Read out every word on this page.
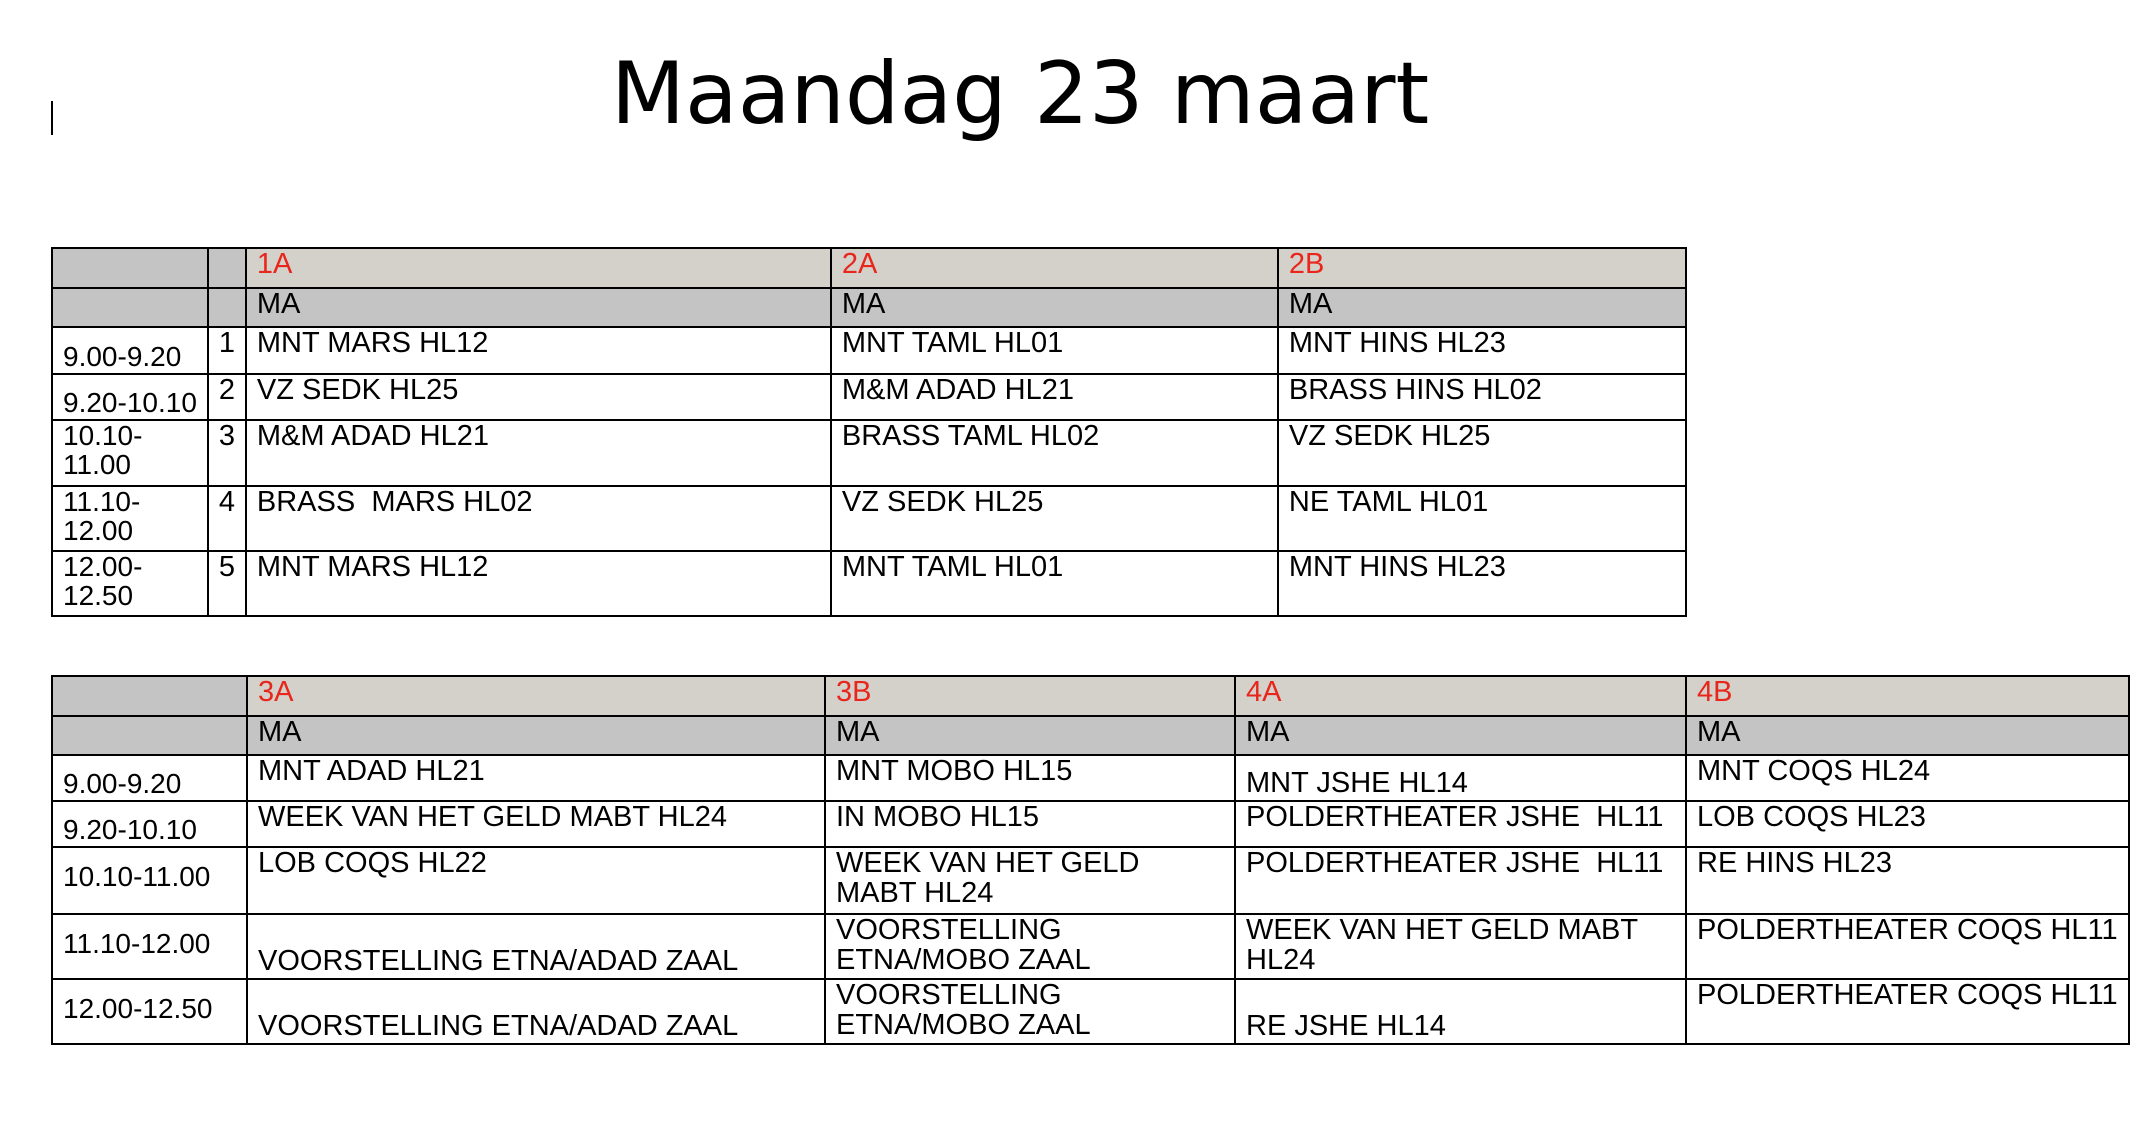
Maandag 23 maart
		1A	2A	2B
		MA	MA	MA
9.00-9.20	1	MNT MARS HL12	MNT TAML HL01	MNT HINS HL23
9.20-10.10	2	VZ SEDK HL25	M&M ADAD HL21	BRASS HINS HL02
10.10-11.00	3	M&M ADAD HL21	BRASS TAML HL02	VZ SEDK HL25
11.10-12.00	4	BRASS  MARS HL02	VZ SEDK HL25	NE TAML HL01
12.00-12.50	5	MNT MARS HL12	MNT TAML HL01	MNT HINS HL23
	3A	3B	4A	4B
	MA	MA	MA	MA
9.00-9.20	MNT ADAD HL21	MNT MOBO HL15	MNT JSHE HL14	MNT COQS HL24
9.20-10.10	WEEK VAN HET GELD MABT HL24	IN MOBO HL15	POLDERTHEATER JSHE  HL11	LOB COQS HL23
10.10-11.00	LOB COQS HL22	WEEK VAN HET GELD MABT HL24	POLDERTHEATER JSHE  HL11	RE HINS HL23
11.10-12.00	VOORSTELLING ETNA/ADAD ZAAL	VOORSTELLING ETNA/MOBO ZAAL	WEEK VAN HET GELD MABT HL24	POLDERTHEATER COQS HL11
12.00-12.50	VOORSTELLING ETNA/ADAD ZAAL	VOORSTELLING ETNA/MOBO ZAAL	RE JSHE HL14	POLDERTHEATER COQS HL11
